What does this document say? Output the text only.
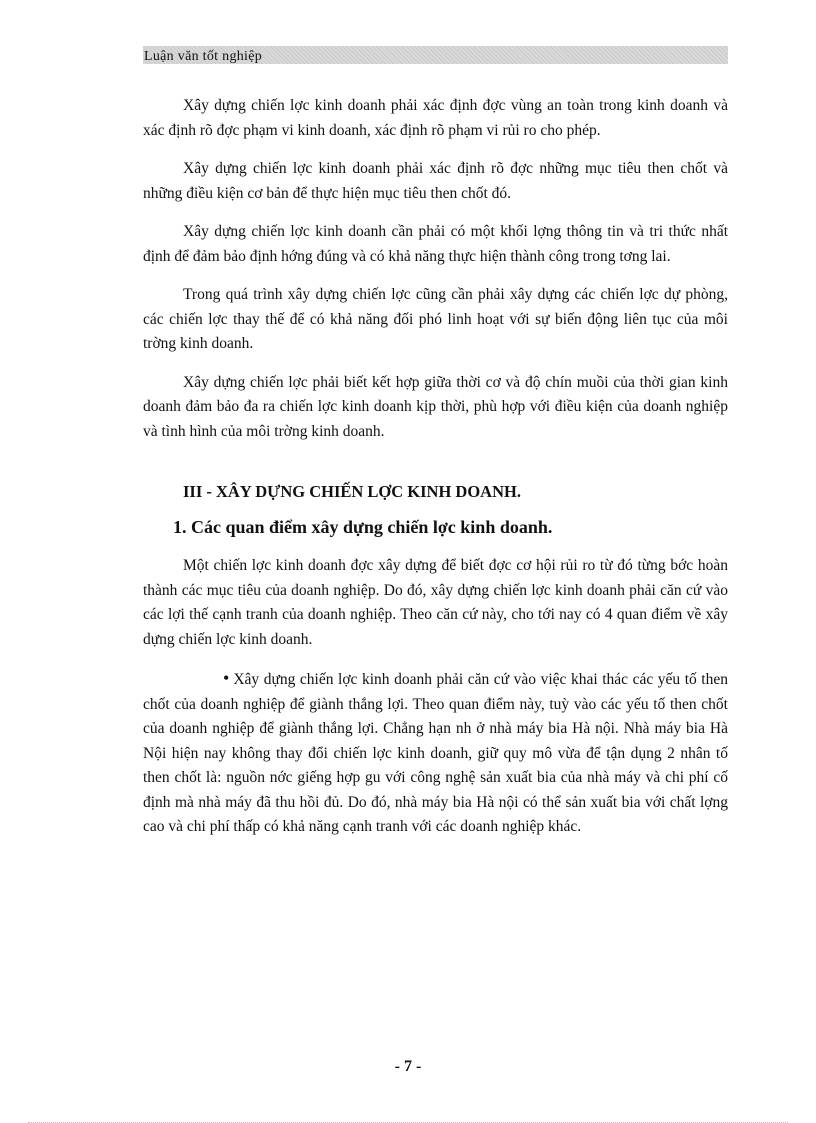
Luận văn tốt nghiệp

Xây dựng chiến lợc kinh doanh phải xác định đợc vùng an toàn trong kinh doanh và xác định rõ đợc phạm vi kinh doanh, xác định rõ phạm vi rủi ro cho phép.

Xây dựng chiến lợc kinh doanh phải xác định rõ đợc những mục tiêu then chốt và những điều kiện cơ bản để thực hiện mục tiêu then chốt đó.

Xây dựng chiến lợc kinh doanh cần phải có một khối lợng thông tin và tri thức nhất định để đảm bảo định hớng đúng và có khả năng thực hiện thành công trong tơng lai.

Trong quá trình xây dựng chiến lợc cũng cần phải xây dựng các chiến lợc dự phòng, các chiến lợc thay thế để có khả năng đối phó linh hoạt với sự biến động liên tục của môi trờng kinh doanh.

Xây dựng chiến lợc phải biết kết hợp giữa thời cơ và độ chín muồi của thời gian kinh doanh đảm bảo đa ra chiến lợc kinh doanh kịp thời, phù hợp với điều kiện của doanh nghiệp và tình hình của môi trờng kinh doanh.

III - XÂY DỰNG CHIẾN LỢC KINH DOANH.
1. Các quan điểm xây dựng chiến lợc kinh doanh.

Một chiến lợc kinh doanh đợc xây dựng để biết đợc cơ hội rủi ro từ đó từng bớc hoàn thành các mục tiêu của doanh nghiệp. Do đó, xây dựng chiến lợc kinh doanh phải căn cứ vào các lợi thế cạnh tranh của doanh nghiệp. Theo căn cứ này, cho tới nay có 4 quan điểm về xây dựng chiến lợc kinh doanh.

• Xây dựng chiến lợc kinh doanh phải căn cứ vào việc khai thác các yếu tố then chốt của doanh nghiệp để giành thắng lợi. Theo quan điểm này, tuỳ vào các yếu tố then chốt của doanh nghiệp để giành thắng lợi. Chẳng hạn nh ở nhà máy bia Hà nội. Nhà máy bia Hà Nội hiện nay không thay đổi chiến lợc kinh doanh, giữ quy mô vừa để tận dụng 2 nhân tố then chốt là: nguồn nớc giếng hợp gu với công nghệ sản xuất bia của nhà máy và chi phí cố định mà nhà máy đã thu hồi đủ. Do đó, nhà máy bia Hà nội có thể sản xuất bia với chất lợng cao và chi phí thấp có khả năng cạnh tranh với các doanh nghiệp khác.

- 7 -
